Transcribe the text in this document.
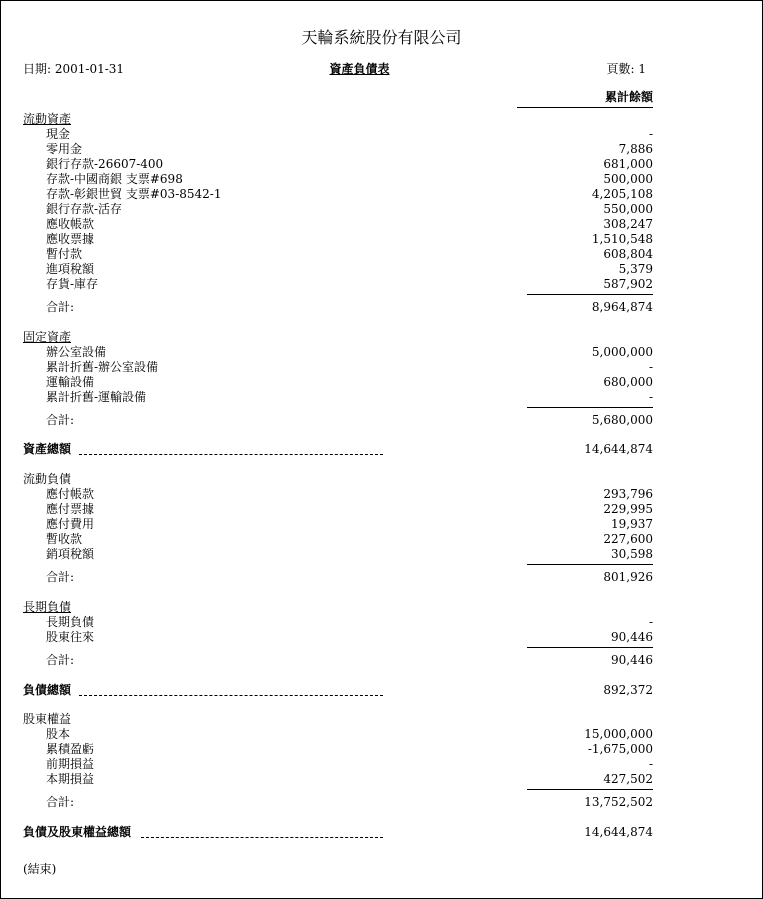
天輪系統股份有限公司
日期: 2001-01-31	資產負債表	頁數: 1
累計餘額
流動資產
現金	-
零用金	7,886
銀行存款-26607-400	681,000
存款-中國商銀 支票#698	500,000
存款-彰銀世貿 支票#03-8542-1	4,205,108
銀行存款-活存	550,000
應收帳款	308,247
應收票據	1,510,548
暫付款	608,804
進項稅額	5,379
存貨-庫存	587,902
合計:	8,964,874
固定資產
辦公室設備	5,000,000
累計折舊-辦公室設備	-
運輸設備	680,000
累計折舊-運輸設備	-
合計:	5,680,000
資產總額	14,644,874
流動負債
應付帳款	293,796
應付票據	229,995
應付費用	19,937
暫收款	227,600
銷項稅額	30,598
合計:	801,926
長期負債
長期負債	-
股東往來	90,446
合計:	90,446
負債總額	892,372
股東權益
股本	15,000,000
累積盈虧	-1,675,000
前期損益	-
本期損益	427,502
合計:	13,752,502
負債及股東權益總額	14,644,874
(結束)
